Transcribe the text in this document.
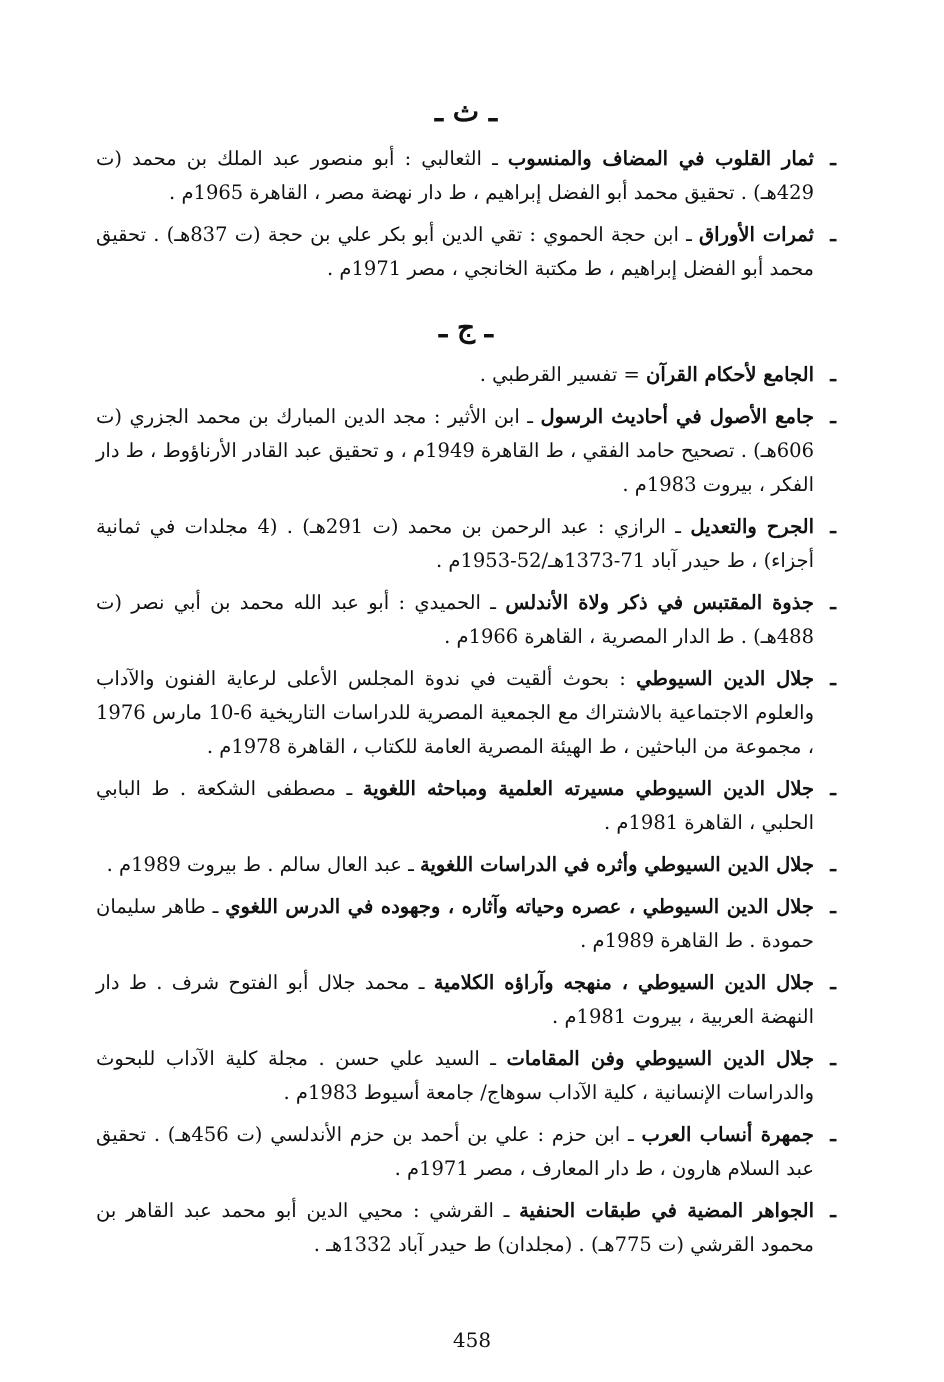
ـ ث ـ
ـ
ثمار القلوب في المضاف والمنسوب ـ الثعالبي : أبو منصور عبد الملك بن محمد (ت 429هـ) . تحقيق محمد أبو الفضل إبراهيم ، ط دار نهضة مصر ، القاهرة 1965م .
ـ
ثمرات الأوراق ـ ابن حجة الحموي : تقي الدين أبو بكر علي بن حجة (ت 837هـ) . تحقيق محمد أبو الفضل إبراهيم ، ط مكتبة الخانجي ، مصر 1971م .
ـ ج ـ
ـ
الجامع لأحكام القرآن = تفسير القرطبي .
ـ
جامع الأصول في أحاديث الرسول ـ ابن الأثير : مجد الدين المبارك بن محمد الجزري (ت 606هـ) . تصحيح حامد الفقي ، ط القاهرة 1949م ، و تحقيق عبد القادر الأرناؤوط ، ط دار الفكر ، بيروت 1983م .
ـ
الجرح والتعديل ـ الرازي : عبد الرحمن بن محمد (ت 291هـ) . (4 مجلدات في ثمانية أجزاء) ، ط حيدر آباد 71-1373هـ/52-1953م .
ـ
جذوة المقتبس في ذكر ولاة الأندلس ـ الحميدي : أبو عبد الله محمد بن أبي نصر (ت 488هـ) . ط الدار المصرية ، القاهرة 1966م .
ـ
جلال الدين السيوطي : بحوث ألقيت في ندوة المجلس الأعلى لرعاية الفنون والآداب والعلوم الاجتماعية بالاشتراك مع الجمعية المصرية للدراسات التاريخية 6-10 مارس 1976 ، مجموعة من الباحثين ، ط الهيئة المصرية العامة للكتاب ، القاهرة 1978م .
ـ
جلال الدين السيوطي مسيرته العلمية ومباحثه اللغوية ـ مصطفى الشكعة . ط البابي الحلبي ، القاهرة 1981م .
ـ
جلال الدين السيوطي وأثره في الدراسات اللغوية ـ عبد العال سالم . ط بيروت 1989م .
ـ
جلال الدين السيوطي ، عصره وحياته وآثاره ، وجهوده في الدرس اللغوي ـ طاهر سليمان حمودة . ط القاهرة 1989م .
ـ
جلال الدين السيوطي ، منهجه وآراؤه الكلامية ـ محمد جلال أبو الفتوح شرف . ط دار النهضة العربية ، بيروت 1981م .
ـ
جلال الدين السيوطي وفن المقامات ـ السيد علي حسن . مجلة كلية الآداب للبحوث والدراسات الإنسانية ، كلية الآداب سوهاج/ جامعة أسيوط 1983م .
ـ
جمهرة أنساب العرب ـ ابن حزم : علي بن أحمد بن حزم الأندلسي (ت 456هـ) . تحقيق عبد السلام هارون ، ط دار المعارف ، مصر 1971م .
ـ
الجواهر المضية في طبقات الحنفية ـ القرشي : محيي الدين أبو محمد عبد القاهر بن محمود القرشي (ت 775هـ) . (مجلدان) ط حيدر آباد 1332هـ .
458
